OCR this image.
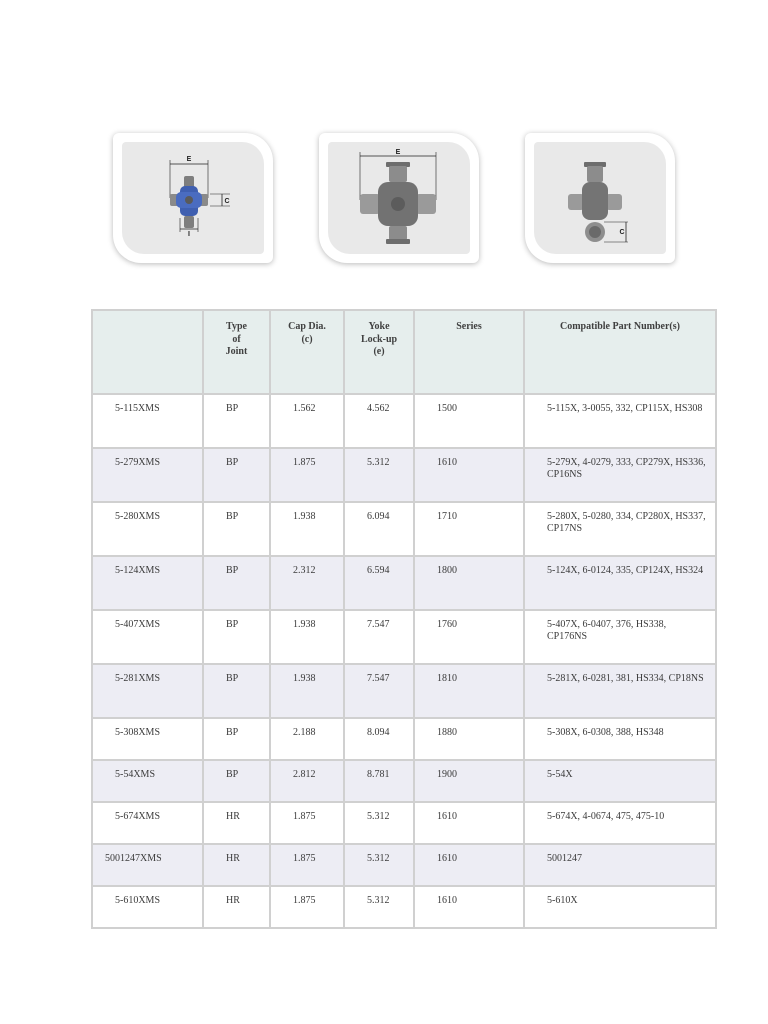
E
C
I
E
C

	Type of Joint	Cap Dia.(c)	Yoke Lock-up (e)	Series	Compatible Part Number(s)
5-115XMS	BP	1.562	4.562	1500	5-115X, 3-0055, 332, CP115X, HS308
5-279XMS	BP	1.875	5.312	1610	5-279X, 4-0279, 333, CP279X, HS336, CP16NS
5-280XMS	BP	1.938	6.094	1710	5-280X, 5-0280, 334, CP280X, HS337, CP17NS
5-124XMS	BP	2.312	6.594	1800	5-124X, 6-0124, 335, CP124X, HS324
5-407XMS	BP	1.938	7.547	1760	5-407X, 6-0407, 376, HS338, CP176NS
5-281XMS	BP	1.938	7.547	1810	5-281X, 6-0281, 381, HS334, CP18NS
5-308XMS	BP	2.188	8.094	1880	5-308X, 6-0308, 388, HS348
5-54XMS	BP	2.812	8.781	1900	5-54X
5-674XMS	HR	1.875	5.312	1610	5-674X, 4-0674, 475, 475-10
5001247XMS	HR	1.875	5.312	1610	5001247
5-610XMS	HR	1.875	5.312	1610	5-610X
